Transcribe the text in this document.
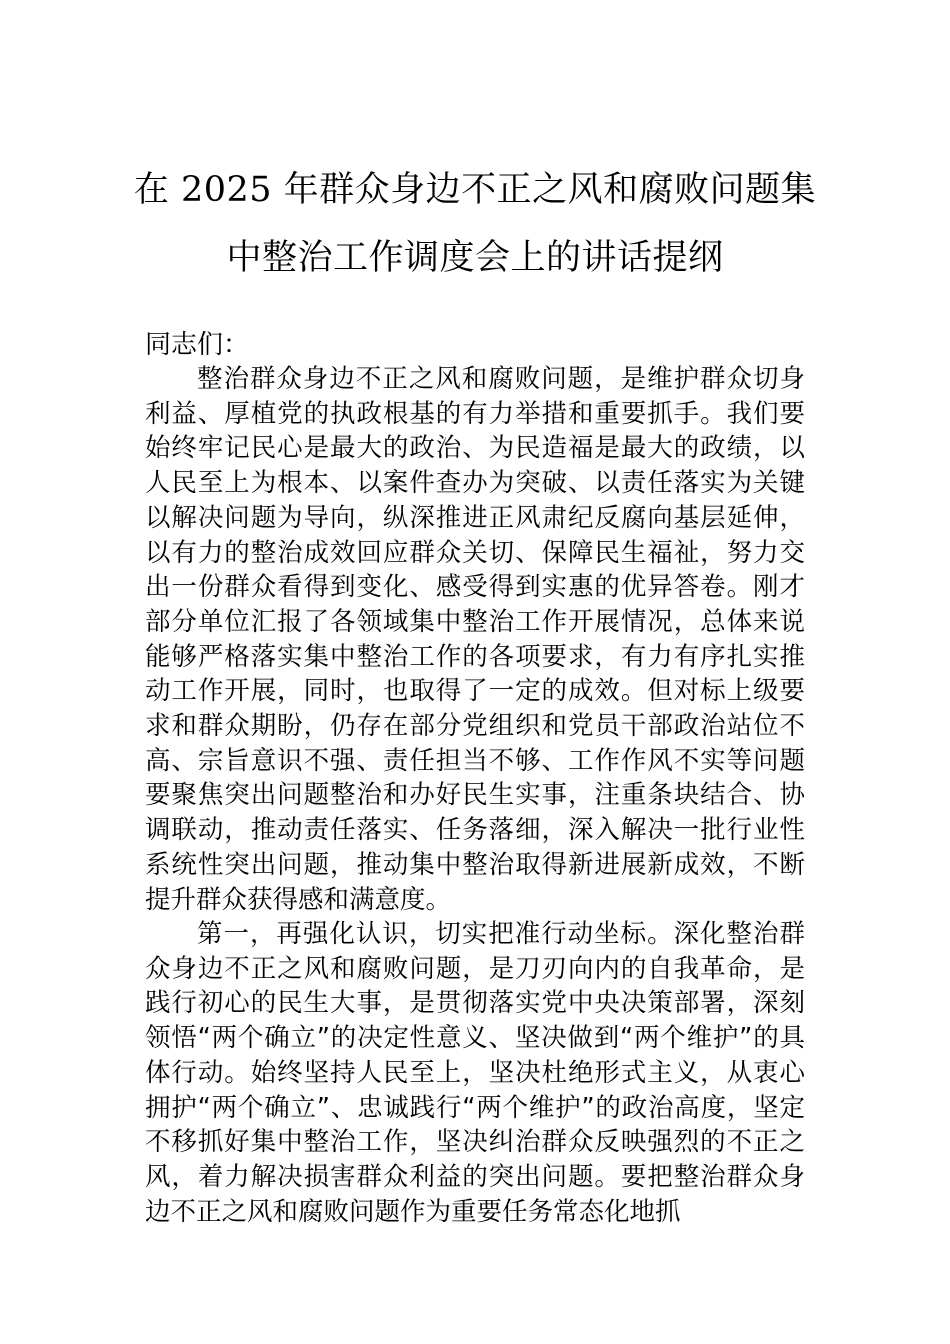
在 2025 年群众身边不正之风和腐败问题集
中整治工作调度会上的讲话提纲

同志们：

整治群众身边不正之风和腐败问题，是维护群众切身利益、厚植党的执政根基的有力举措和重要抓手。我们要始终牢记民心是最大的政治、为民造福是最大的政绩，以人民至上为根本、以案件查办为突破、以责任落实为关键以解决问题为导向，纵深推进正风肃纪反腐向基层延伸，以有力的整治成效回应群众关切、保障民生福祉，努力交出一份群众看得到变化、感受得到实惠的优异答卷。刚才部分单位汇报了各领域集中整治工作开展情况，总体来说能够严格落实集中整治工作的各项要求，有力有序扎实推动工作开展，同时，也取得了一定的成效。但对标上级要求和群众期盼，仍存在部分党组织和党员干部政治站位不高、宗旨意识不强、责任担当不够、工作作风不实等问题要聚焦突出问题整治和办好民生实事，注重条块结合、协调联动，推动责任落实、任务落细，深入解决一批行业性系统性突出问题，推动集中整治取得新进展新成效，不断提升群众获得感和满意度。

第一，再强化认识，切实把准行动坐标。深化整治群众身边不正之风和腐败问题，是刀刃向内的自我革命，是践行初心的民生大事，是贯彻落实党中央决策部署，深刻领悟“两个确立”的决定性意义、坚决做到“两个维护”的具体行动。始终坚持人民至上，坚决杜绝形式主义，从衷心拥护“两个确立”、忠诚践行“两个维护”的政治高度，坚定不移抓好集中整治工作，坚决纠治群众反映强烈的不正之风，着力解决损害群众利益的突出问题。要把整治群众身边不正之风和腐败问题作为重要任务常态化地抓
